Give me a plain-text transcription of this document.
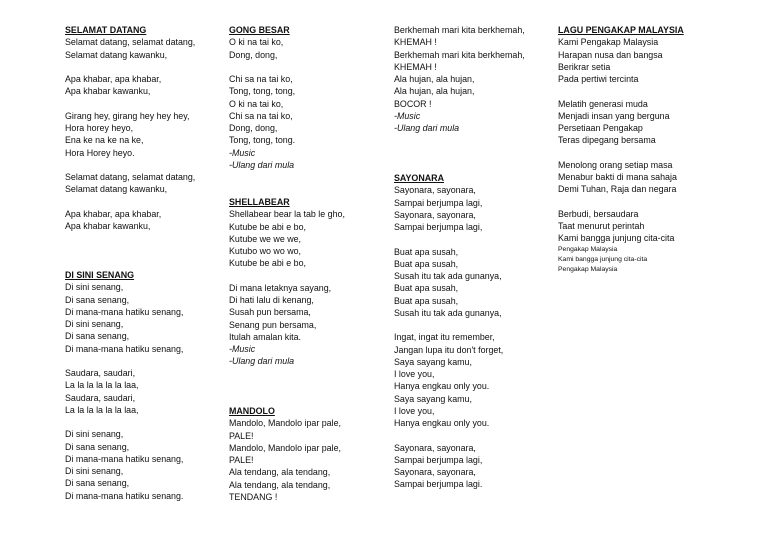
SELAMAT DATANG
Selamat datang, selamat datang,
Selamat datang kawanku,

Apa khabar, apa khabar,
Apa khabar kawanku,

Girang hey, girang hey hey hey,
Hora horey heyo,
Ena ke na ke na ke,
Hora Horey heyo.

Selamat datang, selamat datang,
Selamat datang kawanku,

Apa khabar, apa khabar,
Apa khabar kawanku,
DI SINI SENANG
Di sini senang,
Di sana senang,
Di mana-mana hatiku senang,
Di sini senang,
Di sana senang,
Di mana-mana hatiku senang,

Saudara, saudari,
La la la la la la laa,
Saudara, saudari,
La la la la la la laa,

Di sini senang,
Di sana senang,
Di mana-mana hatiku senang,
Di sini senang,
Di sana senang,
Di mana-mana hatiku senang.
GONG BESAR
O ki na tai ko,
Dong, dong,

Chi sa na tai ko,
Tong, tong, tong,
O ki na tai ko,
Chi sa na tai ko,
Dong, dong,
Tong, tong, tong.
-Music
-Ulang dari mula
SHELLABEAR
Shellabear bear la tab le gho,
Kutube be abi e bo,
Kutube we we we,
Kutubo wo wo wo,
Kutube be abi e bo,

Di mana letaknya sayang,
Di hati lalu di kenang,
Susah pun bersama,
Senang pun bersama,
Itulah amalan kita.
-Music
-Ulang dari mula
MANDOLO
Mandolo, Mandolo ipar pale,
PALE!
Mandolo, Mandolo ipar pale,
PALE!
Ala tendang, ala tendang,
Ala tendang, ala tendang,
TENDANG !
Berkhemah mari kita berkhemah,
KHEMAH !
Berkhemah mari kita berkhemah,
KHEMAH !
Ala hujan, ala hujan,
Ala hujan, ala hujan,
BOCOR !
-Music
-Ulang dari mula
SAYONARA
Sayonara, sayonara,
Sampai berjumpa lagi,
Sayonara, sayonara,
Sampai berjumpa lagi,

Buat apa susah,
Buat apa susah,
Susah itu tak ada gunanya,
Buat apa susah,
Buat apa susah,
Susah itu tak ada gunanya,

Ingat, ingat itu remember,
Jangan lupa itu don't forget,
Saya sayang kamu,
I love you,
Hanya engkau only you.
Saya sayang kamu,
I love you,
Hanya engkau only you.

Sayonara, sayonara,
Sampai berjumpa lagi,
Sayonara, sayonara,
Sampai berjumpa lagi.
LAGU PENGAKAP MALAYSIA
Kami Pengakap Malaysia
Harapan nusa dan bangsa
Berikrar setia
Pada pertiwi tercinta

Melatih generasi muda
Menjadi insan yang berguna
Persetiaan Pengakap
Teras dipegang bersama

Menolong orang setiap masa
Menabur bakti di mana sahaja
Demi Tuhan, Raja dan negara

Berbudi, bersaudara
Taat menurut perintah
Kami bangga junjung cita-cita
Pengakap Malaysia
Kami bangga junjung cita-cita
Pengakap Malaysia
